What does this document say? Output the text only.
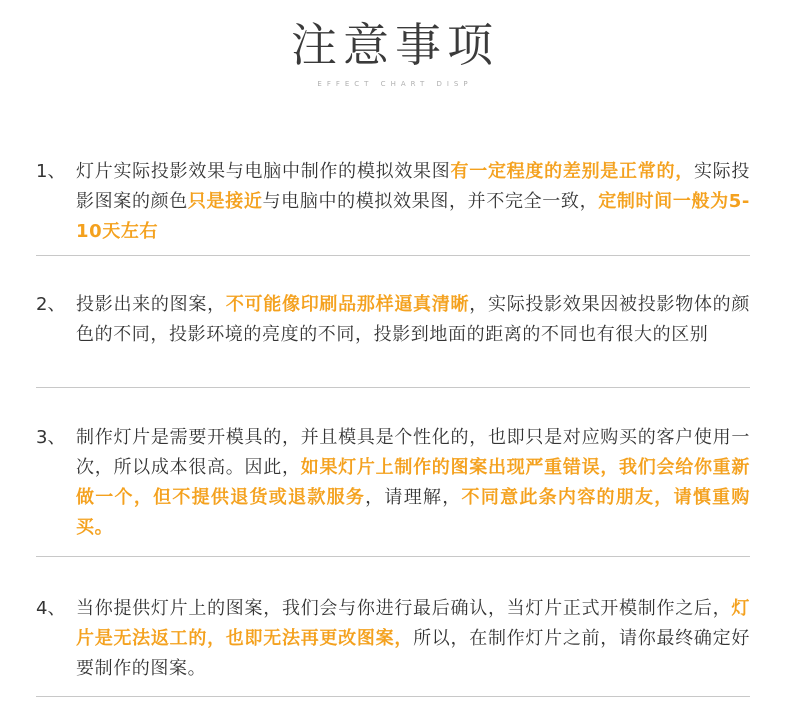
注意事项
EFFECT CHART DISP
1、 灯片实际投影效果与电脑中制作的模拟效果图有一定程度的差别是正常的，实际投影图案的颜色只是接近与电脑中的模拟效果图，并不完全一致，定制时间一般为5-10天左右
2、 投影出来的图案，不可能像印刷品那样逼真清晰，实际投影效果因被投影物体的颜色的不同，投影环境的亮度的不同，投影到地面的距离的不同也有很大的区别
3、 制作灯片是需要开模具的，并且模具是个性化的，也即只是对应购买的客户使用一次，所以成本很高。因此，如果灯片上制作的图案出现严重错误，我们会给你重新做一个，但不提供退货或退款服务，请理解，不同意此条内容的朋友，请慎重购买。
4、 当你提供灯片上的图案，我们会与你进行最后确认，当灯片正式开模制作之后，灯片是无法返工的，也即无法再更改图案，所以，在制作灯片之前，请你最终确定好要制作的图案。
